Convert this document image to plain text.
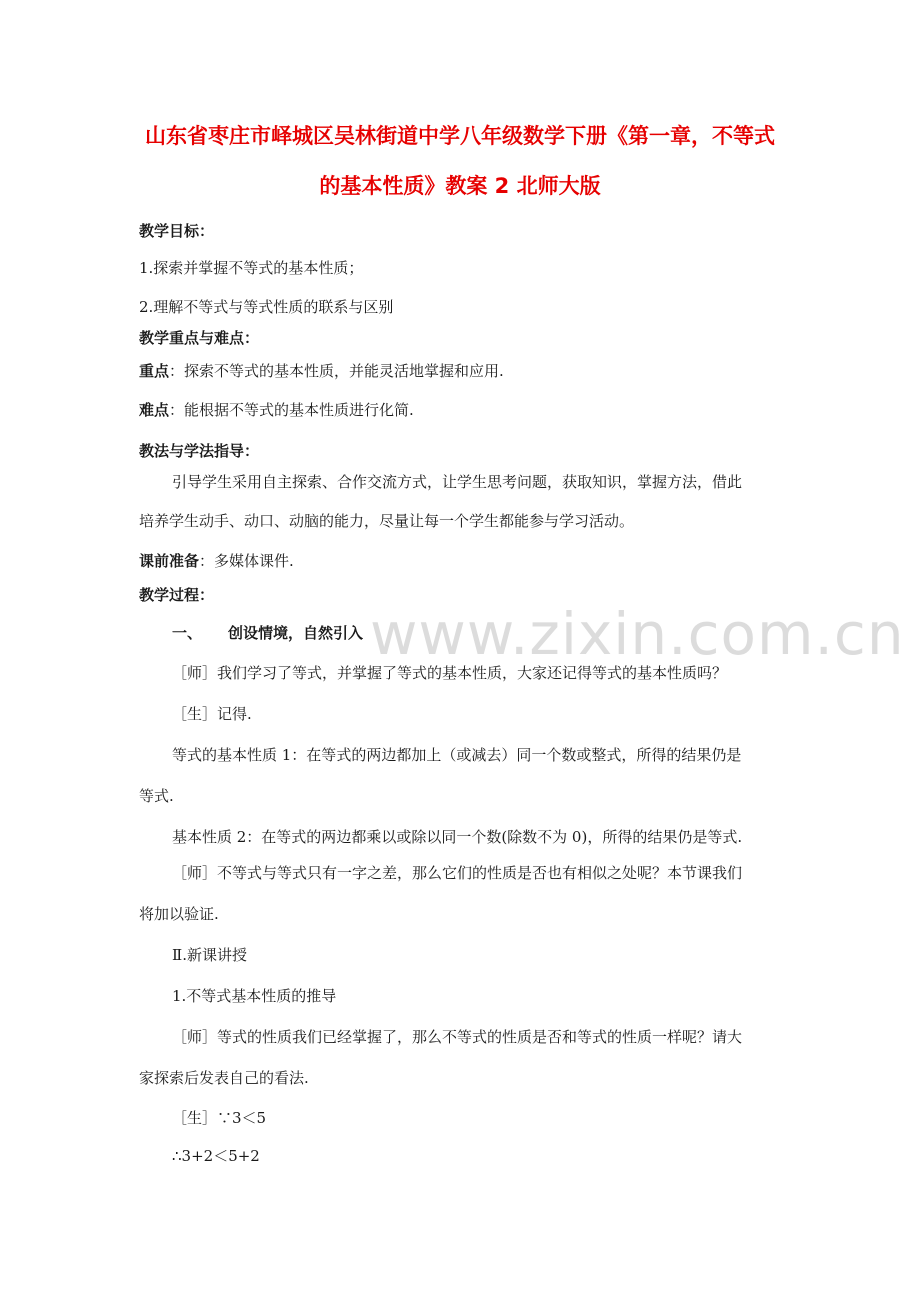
www.zixin.com.cn
山东省枣庄市峄城区吴林街道中学八年级数学下册《第一章，不等式
的基本性质》教案 2 北师大版
教学目标：
1.探索并掌握不等式的基本性质；
2.理解不等式与等式性质的联系与区别
教学重点与难点：
重点：探索不等式的基本性质，并能灵活地掌握和应用.
难点：能根据不等式的基本性质进行化简.
教法与学法指导：
引导学生采用自主探索、合作交流方式，让学生思考问题，获取知识，掌握方法，借此
培养学生动手、动口、动脑的能力，尽量让每一个学生都能参与学习活动。
课前准备：多媒体课件.
教学过程：
一、 创设情境，自然引入
［师］我们学习了等式，并掌握了等式的基本性质，大家还记得等式的基本性质吗？
［生］记得.
等式的基本性质 1：在等式的两边都加上（或减去）同一个数或整式，所得的结果仍是
等式.
基本性质 2：在等式的两边都乘以或除以同一个数(除数不为 0)，所得的结果仍是等式.
［师］不等式与等式只有一字之差，那么它们的性质是否也有相似之处呢？本节课我们
将加以验证.
Ⅱ.新课讲授
1.不等式基本性质的推导
［师］等式的性质我们已经掌握了，那么不等式的性质是否和等式的性质一样呢？请大
家探索后发表自己的看法.
［生］∵3＜5
∴3+2＜5+2
